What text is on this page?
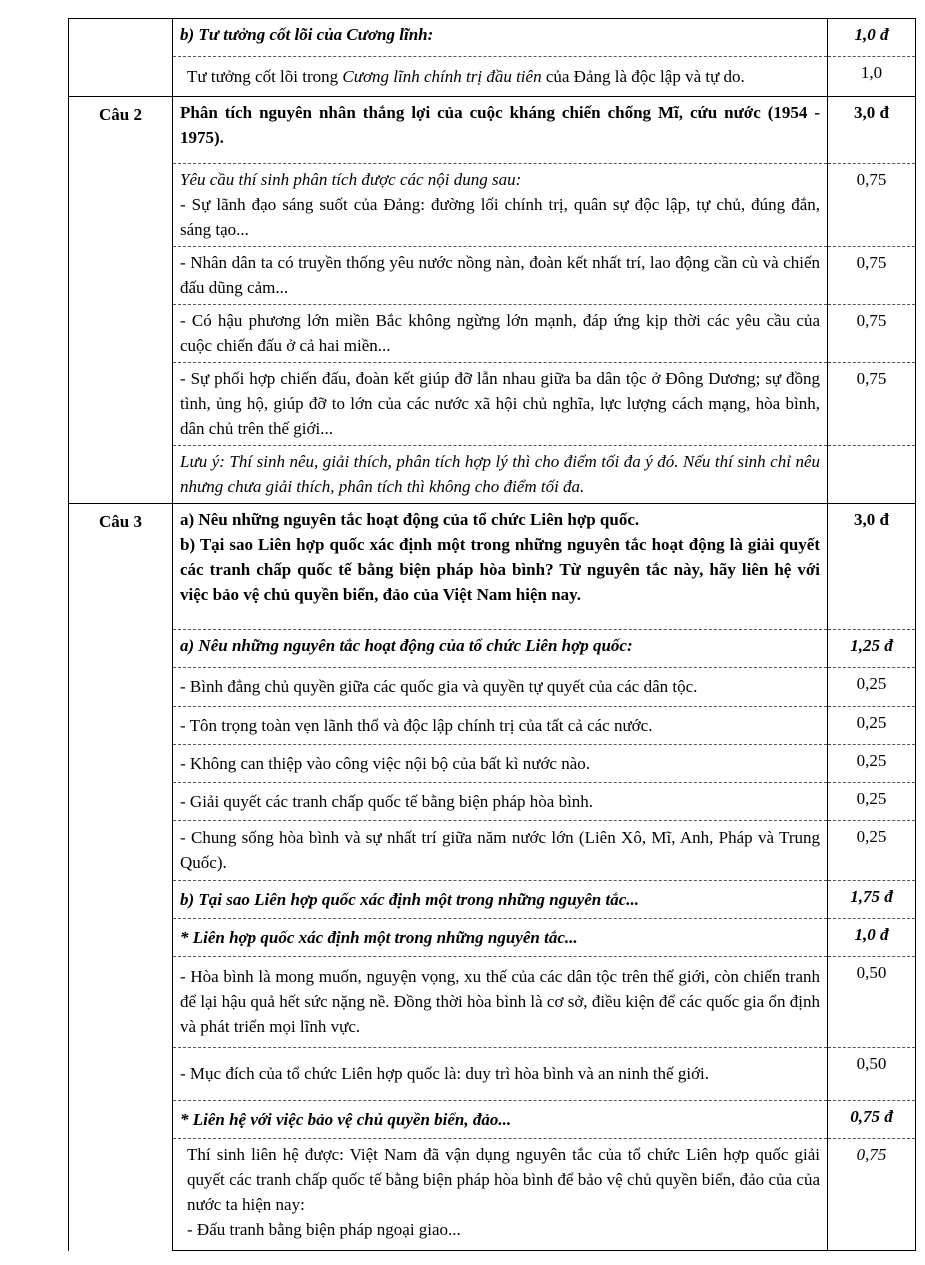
	b) Tư tưởng cốt lõi của Cương lĩnh:	1,0 đ
	Tư tưởng cốt lõi trong Cương lĩnh chính trị đầu tiên của Đảng là độc lập và tự do.	1,0

Câu 2	Phân tích nguyên nhân thắng lợi của cuộc kháng chiến chống Mĩ, cứu nước (1954 - 1975).	3,0 đ

	Yêu cầu thí sinh phân tích được các nội dung sau:
- Sự lãnh đạo sáng suốt của Đảng: đường lối chính trị, quân sự độc lập, tự chủ, đúng đắn, sáng tạo...	0,75
	- Nhân dân ta có truyền thống yêu nước nồng nàn, đoàn kết nhất trí, lao động cần cù và chiến đấu dũng cảm...	0,75
	- Có hậu phương lớn miền Bắc không ngừng lớn mạnh, đáp ứng kịp thời các yêu cầu của cuộc chiến đấu ở cả hai miền...	0,75
	- Sự phối hợp chiến đấu, đoàn kết giúp đỡ lẫn nhau giữa ba dân tộc ở Đông Dương; sự đồng tình, ủng hộ, giúp đỡ to lớn của các nước xã hội chủ nghĩa, lực lượng cách mạng, hòa bình, dân chủ trên thế giới...	0,75
	Lưu ý: Thí sinh nêu, giải thích, phân tích hợp lý thì cho điểm tối đa ý đó. Nếu thí sinh chỉ nêu nhưng chưa giải thích, phân tích thì không cho điểm tối đa.	

Câu 3	a) Nêu những nguyên tắc hoạt động của tổ chức Liên hợp quốc.
b) Tại sao Liên hợp quốc xác định một trong những nguyên tắc hoạt động là giải quyết các tranh chấp quốc tế bằng biện pháp hòa bình? Từ nguyên tắc này, hãy liên hệ với việc bảo vệ chủ quyền biển, đảo của Việt Nam hiện nay.	3,0 đ
	a) Nêu những nguyên tắc hoạt động của tổ chức Liên hợp quốc:	1,25 đ
	- Bình đẳng chủ quyền giữa các quốc gia và quyền tự quyết của các dân tộc.	0,25
	- Tôn trọng toàn vẹn lãnh thổ và độc lập chính trị của tất cả các nước.	0,25
	- Không can thiệp vào công việc nội bộ của bất kì nước nào.	0,25
	- Giải quyết các tranh chấp quốc tế bằng biện pháp hòa bình.	0,25
	- Chung sống hòa bình và sự nhất trí giữa năm nước lớn (Liên Xô, Mĩ, Anh, Pháp và Trung Quốc).	0,25
	b) Tại sao Liên hợp quốc xác định một trong những nguyên tắc...	1,75 đ
	* Liên hợp quốc xác định một trong những nguyên tắc...	1,0 đ
	- Hòa bình là mong muốn, nguyện vọng, xu thế của các dân tộc trên thế giới, còn chiến tranh để lại hậu quả hết sức nặng nề. Đồng thời hòa bình là cơ sở, điều kiện để các quốc gia ổn định và phát triển mọi lĩnh vực.	0,50
	- Mục đích của tổ chức Liên hợp quốc là: duy trì hòa bình và an ninh thế giới.	0,50
	* Liên hệ với việc bảo vệ chủ quyền biển, đảo...	0,75 đ
	Thí sinh liên hệ được: Việt Nam đã vận dụng nguyên tắc của tổ chức Liên hợp quốc giải quyết các tranh chấp quốc tế bằng biện pháp hòa bình để bảo vệ chủ quyền biển, đảo của của nước ta hiện nay:
- Đấu tranh bằng biện pháp ngoại giao...	0,75
